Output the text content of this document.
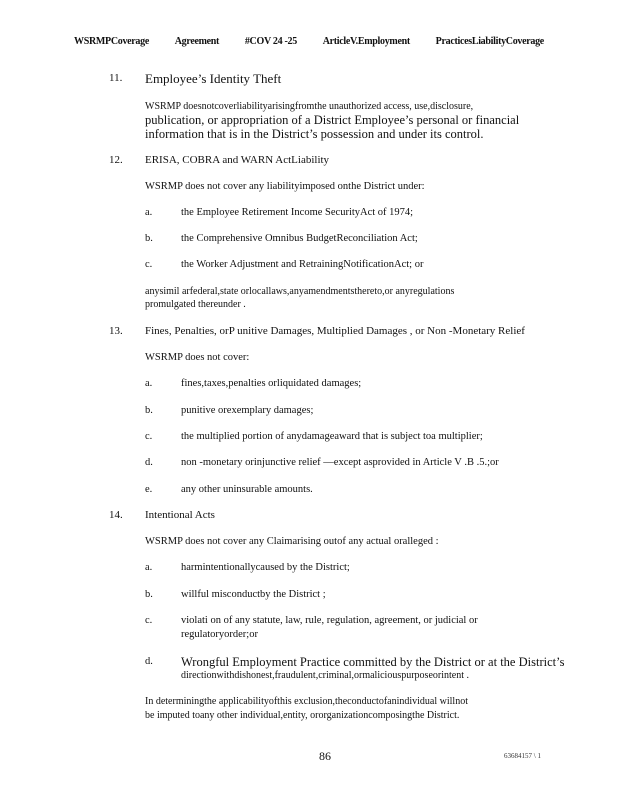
WSRMPCoverage	Agreement	#COV 24 -25	ArticleV.Employment	PracticesLiabilityCoverage
11. Employee’s Identity Theft
WSRMP doesnotcoverliabilityarisingfromthe unauthorized access, use,disclosure,
publication, or appropriation of a District Employee’s personal or financial
information that is in the District’s possession and under its control.
12. ERISA, COBRA and WARN ActLiability
WSRMP does not cover any liabilityimposed onthe District under:
a.	the Employee Retirement Income SecurityAct of 1974;
b.	the Comprehensive Omnibus BudgetReconciliation Act;
c.	the Worker Adjustment and RetrainingNotificationAct; or
anysimil arfederal,state orlocallaws,anyamendmentsthereto,or anyregulations
promulgated thereunder .
13. Fines, Penalties, orP unitive Damages, Multiplied Damages , or Non -Monetary Relief
WSRMP does not cover:
a.	fines,taxes,penalties orliquidated damages;
b.	punitive orexemplary damages;
c.	the multiplied portion of anydamageaward that is subject toa multiplier;
d.	non -monetary orinjunctive relief —except asprovided in Article V .B .5.;or
e.	any other uninsurable amounts.
14. Intentional Acts
WSRMP does not cover any Claimarising outof any actual oralleged :
a.	harmintentionallycaused by the District;
b.	willful misconductby the District ;
c.	violati on of any statute, law, rule, regulation, agreement, or judicial or
regulatoryorder;or
d. Wrongful Employment Practice committed by the District or at the District’s
directionwithdishonest,fraudulent,criminal,ormaliciouspurposeorintent .
In determiningthe applicabilityofthis exclusion,theconductofanindividual willnot
be imputed toany other individual,entity, ororganizationcomposingthe District.
86	63684157 \ 1
